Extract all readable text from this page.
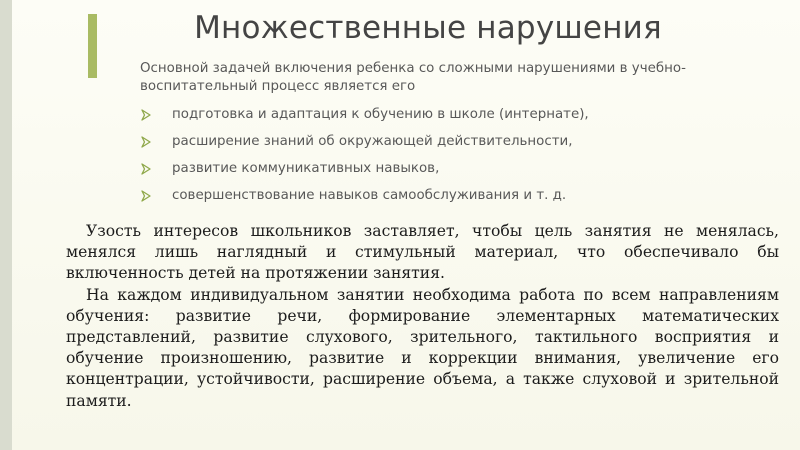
Множественные нарушения
Основной задачей включения ребенка со сложными нарушениями в учебно-воспитательный процесс является его
подготовка и адаптация к обучению в школе (интернате),
расширение знаний об окружающей действительности,
развитие коммуникативных навыков,
совершенствование навыков самообслуживания и т. д.

Узость интересов школьников заставляет, чтобы цель занятия не менялась, менялся лишь наглядный и стимульный материал, что обеспечивало бы включенность детей на протяжении занятия.

На каждом индивидуальном занятии необходима работа по всем направлениям обучения: развитие речи, формирование элементарных математических представлений, развитие слухового, зрительного, тактильного восприятия и обучение произношению, развитие и коррекции внимания, увеличение его концентрации, устойчивости, расширение объема, а также слуховой и зрительной памяти.
